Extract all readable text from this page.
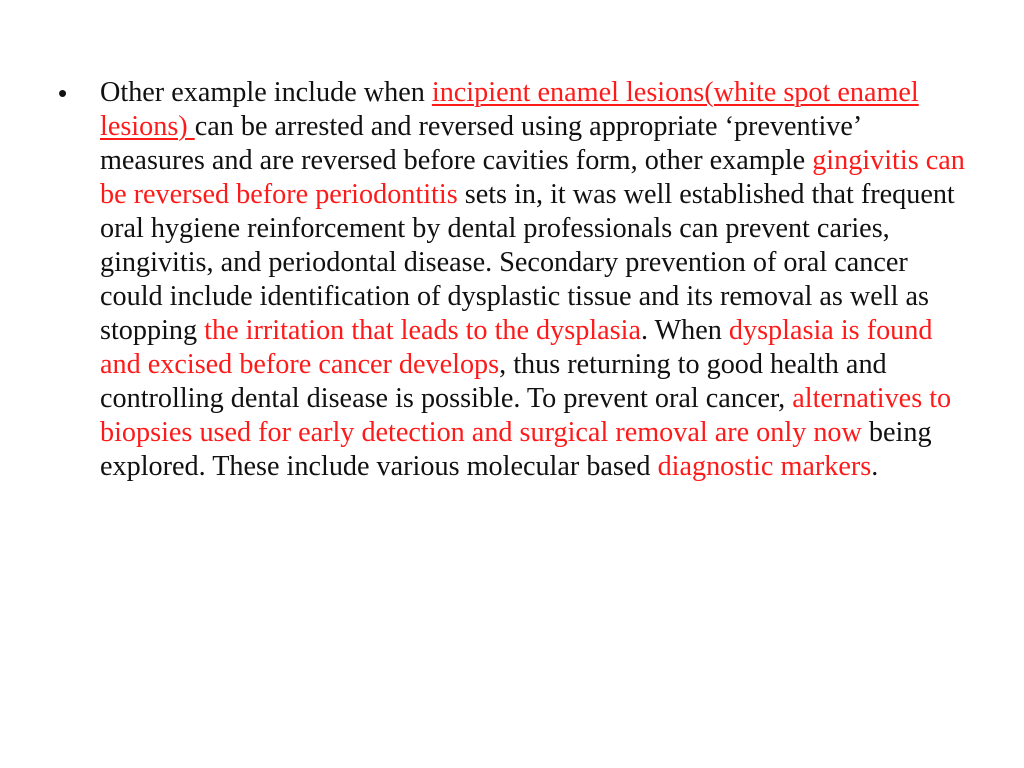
• Other example include when incipient enamel lesions(white spot enamel lesions) can be arrested and reversed using appropriate ‘preventive’ measures and are reversed before cavities form, other example gingivitis can be reversed before periodontitis sets in, it was well established that frequent oral hygiene reinforcement by dental professionals can prevent caries, gingivitis, and periodontal disease. Secondary prevention of oral cancer could include identification of dysplastic tissue and its removal as well as stopping the irritation that leads to the dysplasia. When dysplasia is found and excised before cancer develops, thus returning to good health and controlling dental disease is possible. To prevent oral cancer, alternatives to biopsies used for early detection and surgical removal are only now being explored. These include various molecular based diagnostic markers.
